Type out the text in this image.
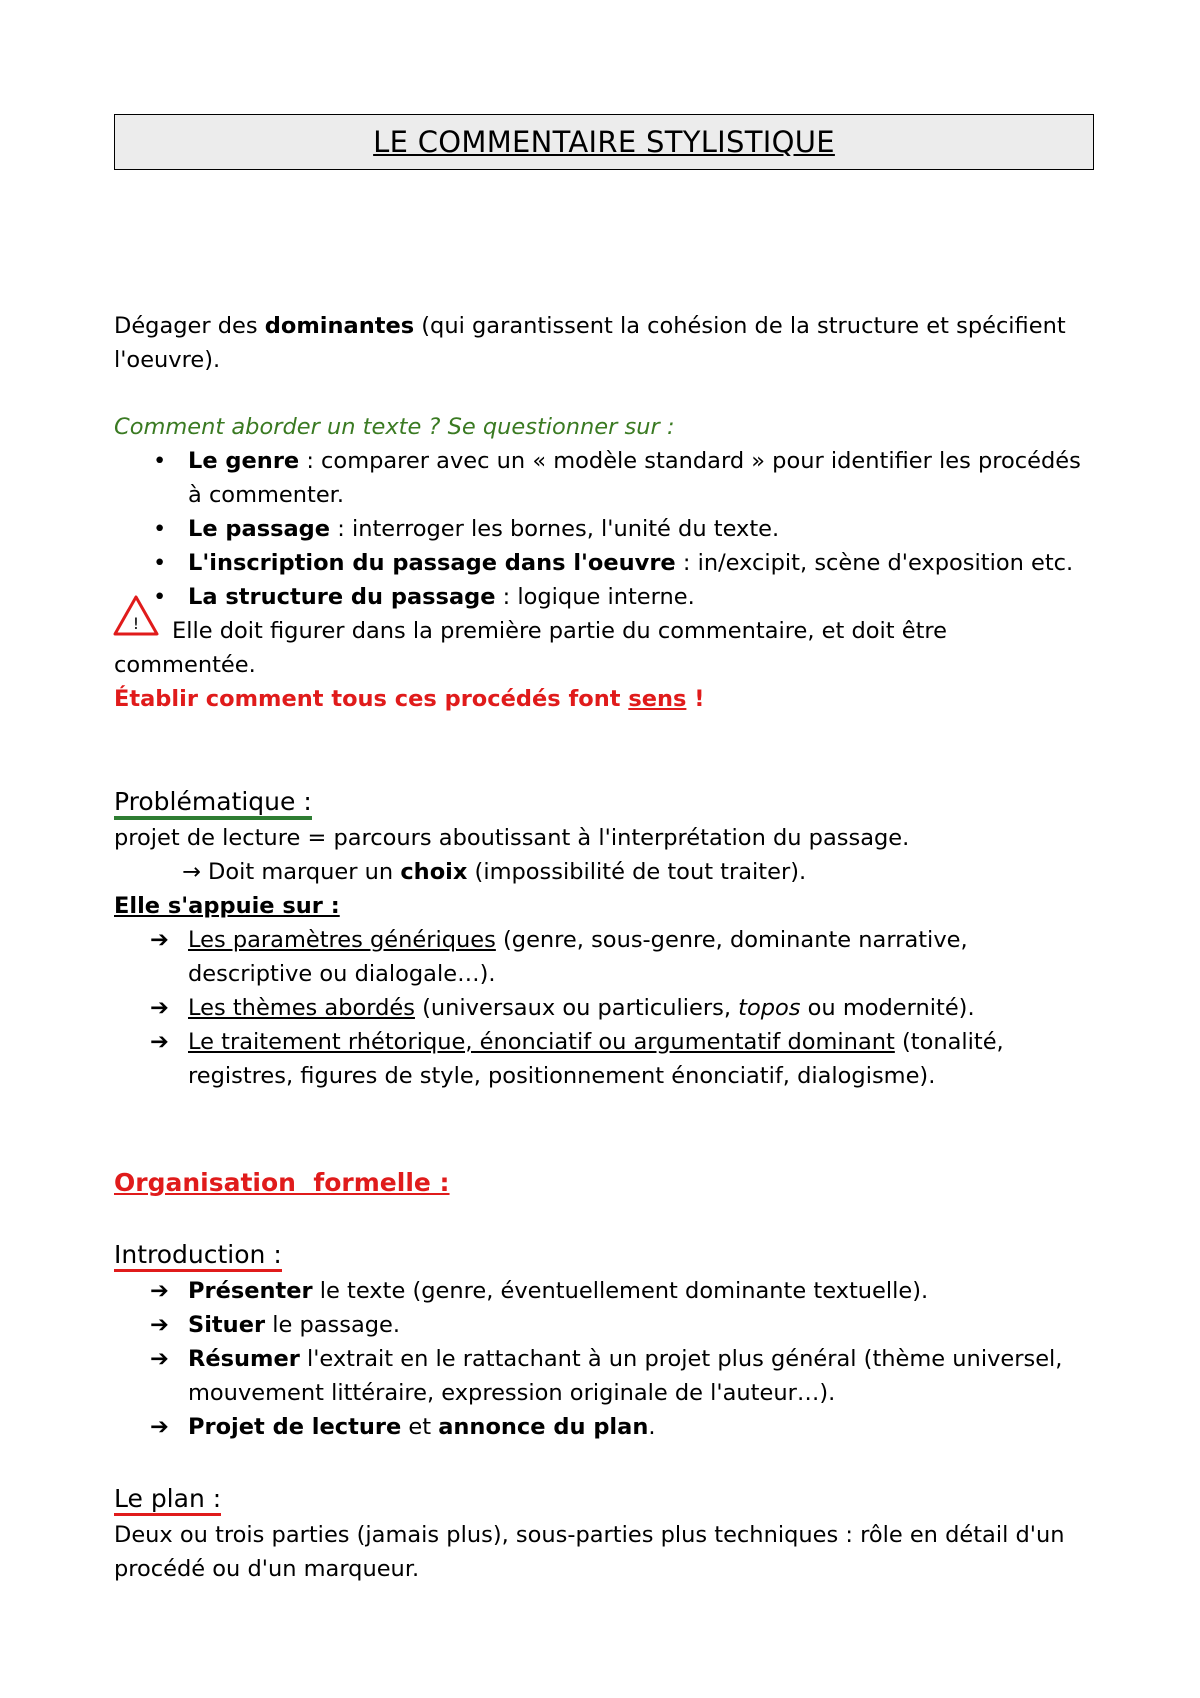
LE COMMENTAIRE STYLISTIQUE
Dégager des dominantes (qui garantissent la cohésion de la structure et spécifient
l'oeuvre).
Comment aborder un texte ? Se questionner sur :
• Le genre : comparer avec un « modèle standard » pour identifier les procédés
à commenter.
• Le passage : interroger les bornes, l'unité du texte.
• L'inscription du passage dans l'oeuvre : in/excipit, scène d'exposition etc.
• La structure du passage : logique interne.
! Elle doit figurer dans la première partie du commentaire, et doit être
commentée.
Établir comment tous ces procédés font sens !
Problématique :
projet de lecture = parcours aboutissant à l'interprétation du passage.
→ Doit marquer un choix (impossibilité de tout traiter).
Elle s'appuie sur :
➔ Les paramètres génériques (genre, sous-genre, dominante narrative,
descriptive ou dialogale…).
➔ Les thèmes abordés (universaux ou particuliers, topos ou modernité).
➔ Le traitement rhétorique, énonciatif ou argumentatif dominant (tonalité,
registres, figures de style, positionnement énonciatif, dialogisme).
Organisation  formelle :
Introduction :
➔ Présenter le texte (genre, éventuellement dominante textuelle).
➔ Situer le passage.
➔ Résumer l'extrait en le rattachant à un projet plus général (thème universel,
mouvement littéraire, expression originale de l'auteur…).
➔ Projet de lecture et annonce du plan.
Le plan :
Deux ou trois parties (jamais plus), sous-parties plus techniques : rôle en détail d'un
procédé ou d'un marqueur.
